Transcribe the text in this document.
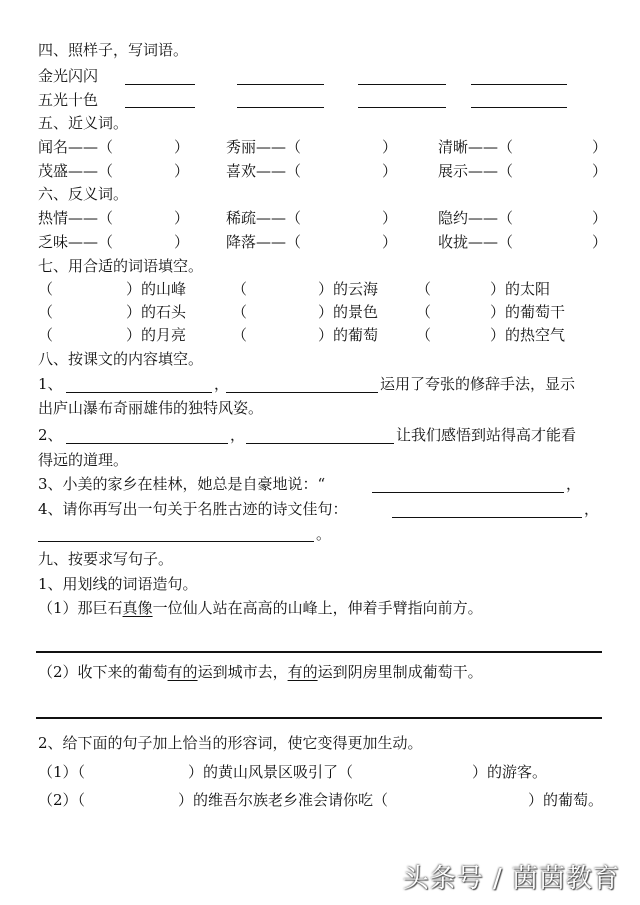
四、照样子，写词语。
金光闪闪
五光十色
五、近义词。
闻名——（	） 秀丽——（	）	清晰——（	）
茂盛——（	） 喜欢——（	）	展示——（	）
六、反义词。
热情——（	） 稀疏——（	）	隐约——（	）
乏味——（	） 降落——（	）	收拢——（	）
七、用合适的词语填空。
（	）的山峰	（	）的云海	（	）的太阳
（	）的石头	（	）的景色	（	）的葡萄干
（	）的月亮	（	）的葡萄	（	）的热空气
八、按课文的内容填空。
1、	，	运用了夸张的修辞手法，显示
出庐山瀑布奇丽雄伟的独特风姿。
2、	，	让我们感悟到站得高才能看
得远的道理。
3、小美的家乡在桂林，她总是自豪地说：“	，
4、请你再写出一句关于名胜古迹的诗文佳句：	，
。
九、按要求写句子。
1、用划线的词语造句。
（1）那巨石真像一位仙人站在高高的山峰上，伸着手臂指向前方。
（2）收下来的葡萄有的运到城市去，有的运到阴房里制成葡萄干。
2、给下面的句子加上恰当的形容词，使它变得更加生动。
（1）（	）的黄山风景区吸引了（	）的游客。
（2）（	）的维吾尔族老乡准会请你吃（	）的葡萄。
头条号 / 茵茵教育
